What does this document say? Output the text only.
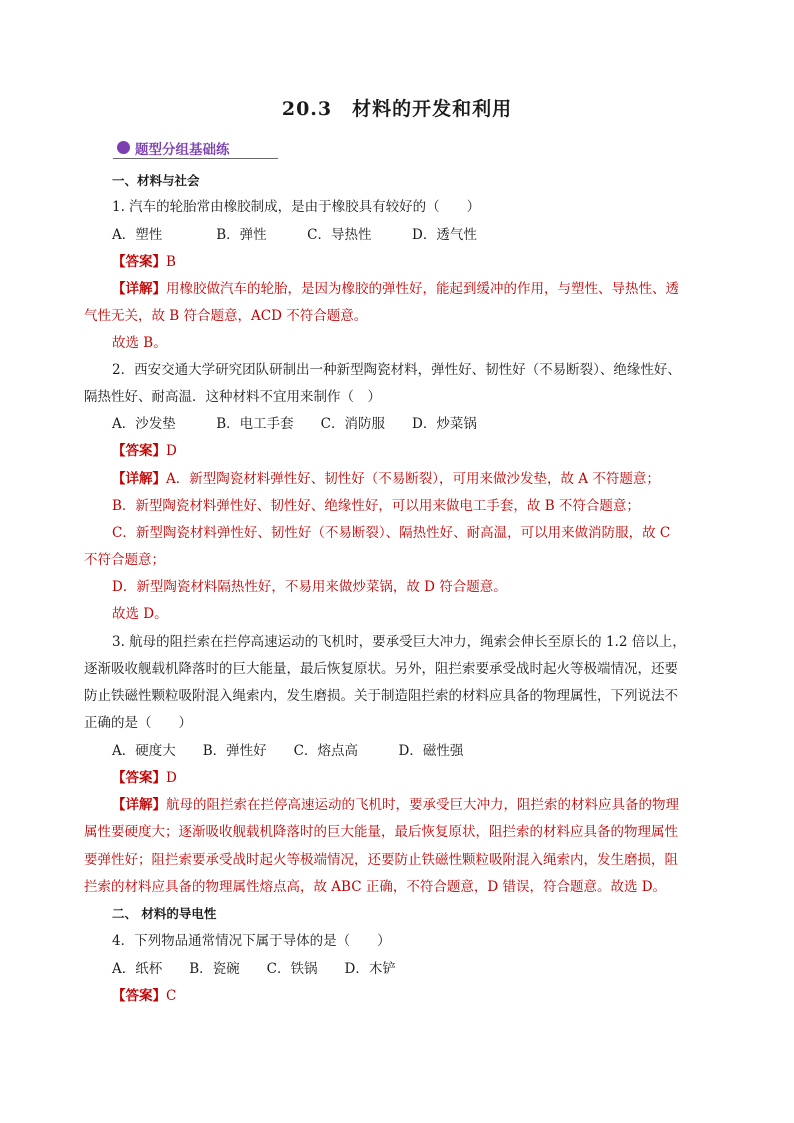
20.3　材料的开发和利用
题型分组基础练
一、材料与社会
1. 汽车的轮胎常由橡胶制成，是由于橡胶具有较好的（　　）
A．塑性　　　　B．弹性　　　C．导热性　　　D．透气性
【答案】B
【详解】用橡胶做汽车的轮胎，是因为橡胶的弹性好，能起到缓冲的作用，与塑性、导热性、透
气性无关，故 B 符合题意，ACD 不符合题意。
故选 B。
2．西安交通大学研究团队研制出一种新型陶瓷材料，弹性好、韧性好（不易断裂）、绝缘性好、
隔热性好、耐高温．这种材料不宜用来制作（　）
A．沙发垫　　　B．电工手套　　C．消防服　　D．炒菜锅
【答案】D
【详解】A．新型陶瓷材料弹性好、韧性好（不易断裂），可用来做沙发垫，故 A 不符题意；
B．新型陶瓷材料弹性好、韧性好、绝缘性好，可以用来做电工手套，故 B 不符合题意；
C．新型陶瓷材料弹性好、韧性好（不易断裂）、隔热性好、耐高温，可以用来做消防服，故 C
不符合题意；
D．新型陶瓷材料隔热性好，不易用来做炒菜锅，故 D 符合题意。
故选 D。
3. 航母的阻拦索在拦停高速运动的飞机时，要承受巨大冲力，绳索会伸长至原长的 1.2 倍以上，
逐渐吸收舰载机降落时的巨大能量，最后恢复原状。另外，阻拦索要承受战时起火等极端情况，还要
防止铁磁性颗粒吸附混入绳索内，发生磨损。关于制造阻拦索的材料应具备的物理属性，下列说法不
正确的是（　　）
A．硬度大　　B．弹性好　　C．熔点高　　　D．磁性强
【答案】D
【详解】航母的阻拦索在拦停高速运动的飞机时，要承受巨大冲力，阻拦索的材料应具备的物理
属性要硬度大；逐渐吸收舰载机降落时的巨大能量，最后恢复原状，阻拦索的材料应具备的物理属性
要弹性好；阻拦索要承受战时起火等极端情况，还要防止铁磁性颗粒吸附混入绳索内，发生磨损，阻
拦索的材料应具备的物理属性熔点高，故 ABC 正确，不符合题意，D 错误，符合题意。故选 D。
二、 材料的导电性
4．下列物品通常情况下属于导体的是（　　）
A．纸杯　　B．瓷碗　　C．铁锅　　D．木铲
【答案】C
